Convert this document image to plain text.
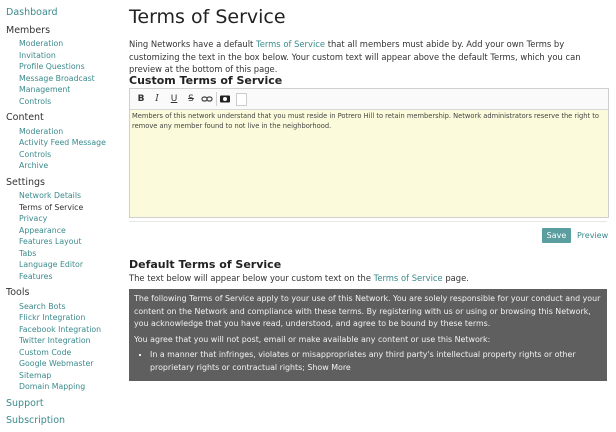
Dashboard
Members
Moderation
Invitation
Profile Questions
Message Broadcast
Management
Controls
Content
Moderation
Activity Feed Message
Controls
Archive
Settings
Network Details
Terms of Service
Privacy
Appearance
Features Layout
Tabs
Language Editor
Features
Tools
Search Bots
Flickr Integration
Facebook Integration
Twitter Integration
Custom Code
Google Webmaster
Sitemap
Domain Mapping
Support
Subscription
Terms of Service
Ning Networks have a default Terms of Service that all members must abide by. Add your own Terms by customizing the text in the box below. Your custom text will appear above the default Terms, which you can preview at the bottom of this page.
Custom Terms of Service
B	I	U	S
Members of this network understand that you must reside in Potrero Hill to retain membership. Network administrators reserve the right to remove any member found to not live in the neighborhood.
Save	Preview
Default Terms of Service
The text below will appear below your custom text on the Terms of Service page.

The following Terms of Service apply to your use of this Network. You are solely responsible for your conduct and your content on the Network and compliance with these terms. By registering with us or using or browsing this Network, you acknowledge that you have read, understood, and agree to be bound by these terms.

You agree that you will not post, email or make available any content or use this Network:

▪ In a manner that infringes, violates or misappropriates any third party's intellectual property rights or other proprietary rights or contractual rights; Show More
